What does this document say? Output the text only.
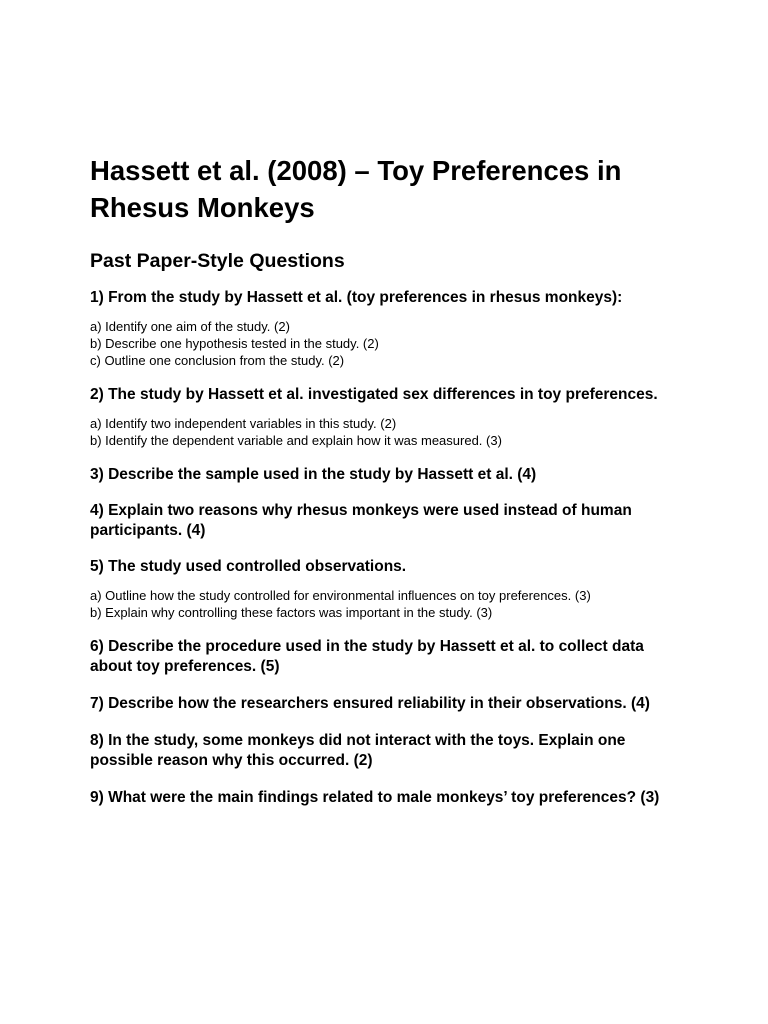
Hassett et al. (2008) – Toy Preferences in Rhesus Monkeys
Past Paper-Style Questions

1) From the study by Hassett et al. (toy preferences in rhesus monkeys):

a) Identify one aim of the study. (2)
b) Describe one hypothesis tested in the study. (2)
c) Outline one conclusion from the study. (2)

2) The study by Hassett et al. investigated sex differences in toy preferences.

a) Identify two independent variables in this study. (2)
b) Identify the dependent variable and explain how it was measured. (3)

3) Describe the sample used in the study by Hassett et al. (4)

4) Explain two reasons why rhesus monkeys were used instead of human participants. (4)

5) The study used controlled observations.

a) Outline how the study controlled for environmental influences on toy preferences. (3)
b) Explain why controlling these factors was important in the study. (3)

6) Describe the procedure used in the study by Hassett et al. to collect data about toy preferences. (5)

7) Describe how the researchers ensured reliability in their observations. (4)

8) In the study, some monkeys did not interact with the toys. Explain one possible reason why this occurred. (2)

9) What were the main findings related to male monkeys’ toy preferences? (3)
